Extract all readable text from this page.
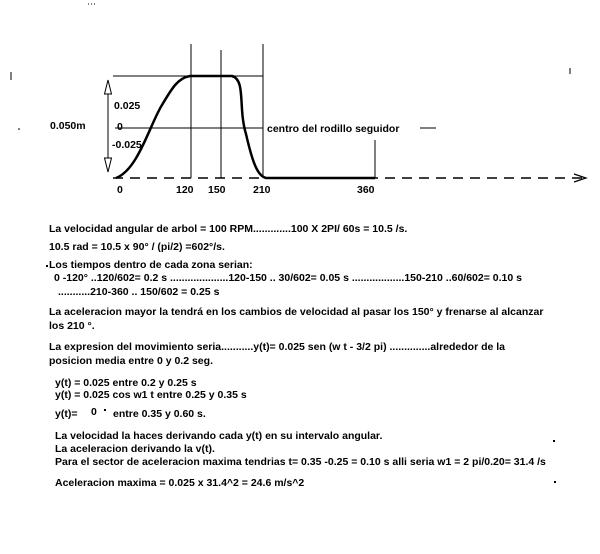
0.050m
0.025
0
-0.025
centro del rodillo seguidor
0	120 150	210	360
La velocidad angular de arbol = 100 RPM.............100 X 2PI/ 60s = 10.5 /s.
10.5 rad = 10.5 x 90° / (pi/2) =602°/s.
Los tiempos dentro de cada zona serian:
0 -120° ..120/602= 0.2 s ....................120-150 .. 30/602= 0.05 s ..................150-210 ..60/602= 0.10 s
...........210-360 .. 150/602 = 0.25 s
La aceleracion mayor la tendrá en los cambios de velocidad al pasar los 150° y frenarse al alcanzar
los 210 °.
La expresion del movimiento seria...........y(t)= 0.025 sen (w t - 3/2 pi) ..............alrededor de la
posicion media entre 0 y 0.2 seg.
y(t) = 0.025 entre 0.2 y 0.25 s
y(t) = 0.025 cos w1 t entre 0.25 y 0.35 s
y(t)= 0 entre 0.35 y 0.60 s.
La velocidad la haces derivando cada y(t) en su intervalo angular.
La aceleracion derivando la v(t).
Para el sector de aceleracion maxima tendrias t= 0.35 -0.25 = 0.10 s alli seria w1 = 2 pi/0.20= 31.4 /s
Aceleracion maxima = 0.025 x 31.4^2 = 24.6 m/s^2
